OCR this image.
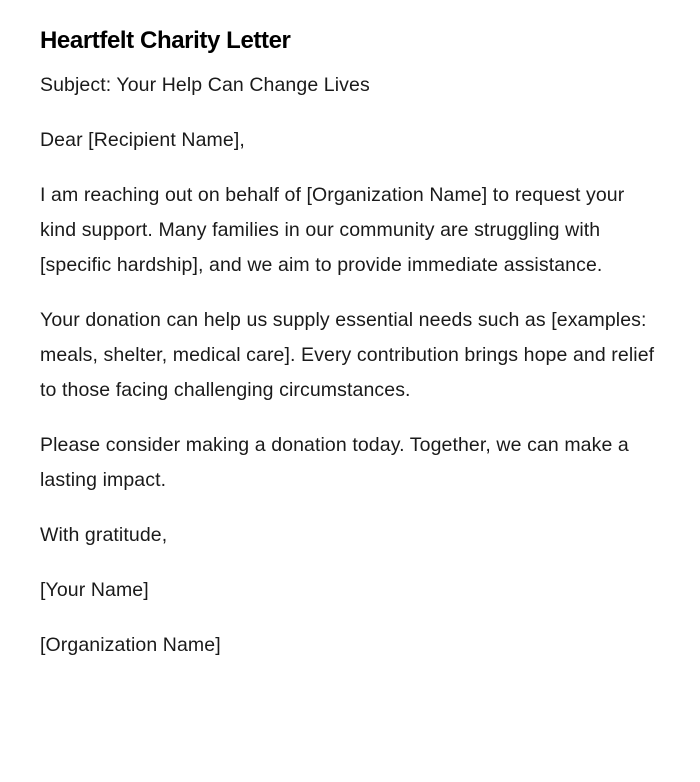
Heartfelt Charity Letter

Subject: Your Help Can Change Lives

Dear [Recipient Name],

I am reaching out on behalf of [Organization Name] to request your kind support. Many families in our community are struggling with [specific hardship], and we aim to provide immediate assistance.

Your donation can help us supply essential needs such as [examples: meals, shelter, medical care]. Every contribution brings hope and relief to those facing challenging circumstances.

Please consider making a donation today. Together, we can make a lasting impact.

With gratitude,

[Your Name]

[Organization Name]
